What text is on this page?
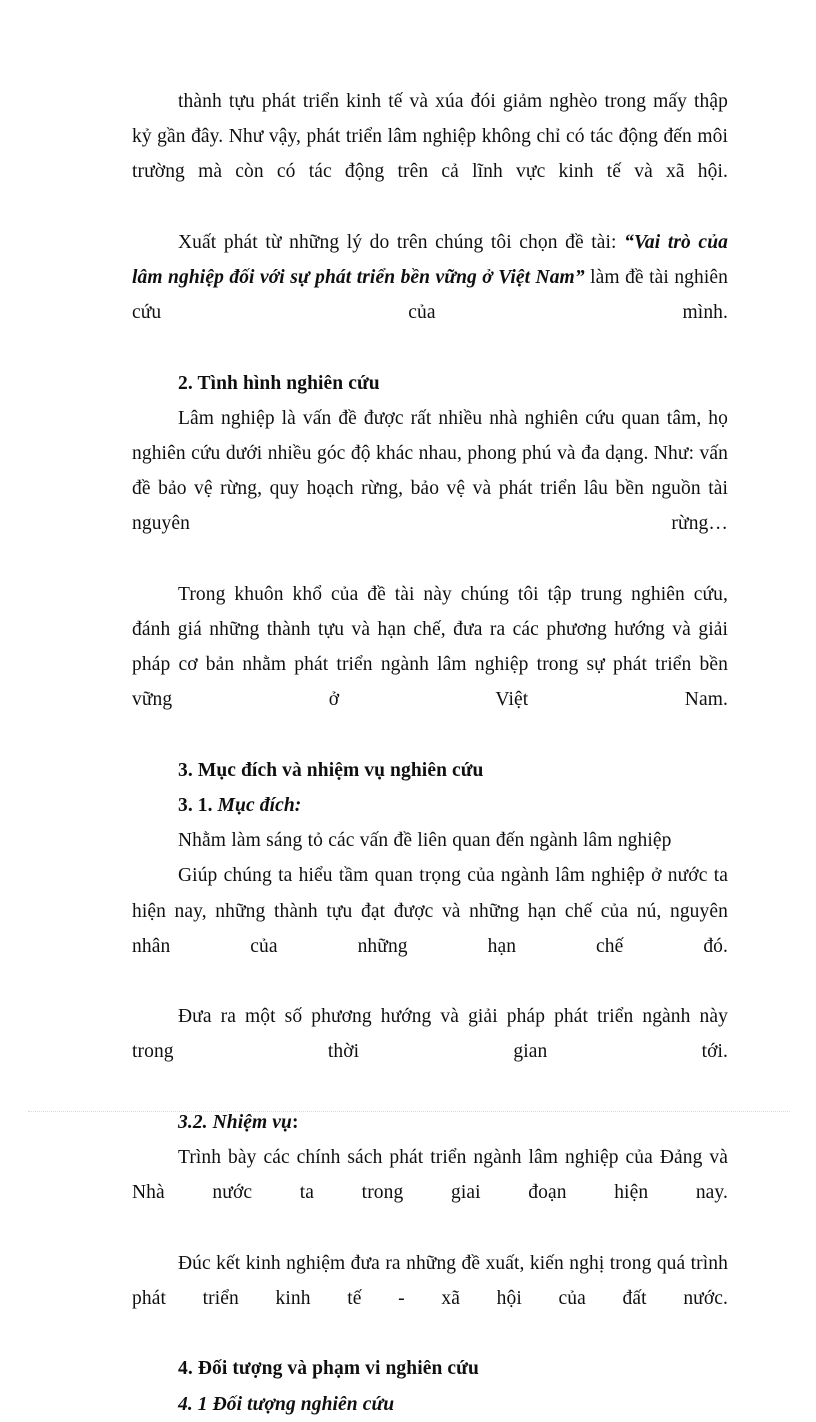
thành tựu phát triển kinh tế và xúa đói giảm nghèo trong mấy thập kỷ gần đây. Như vậy, phát triển lâm nghiệp không chỉ có tác động đến môi trường mà còn có tác động trên cả lĩnh vực kinh tế và xã hội.

Xuất phát từ những lý do trên chúng tôi chọn đề tài: “Vai trò của lâm nghiệp đối với sự phát triển bền vững ở Việt Nam” làm đề tài nghiên cứu của mình.

2. Tình hình nghiên cứu

Lâm nghiệp là vấn đề được rất nhiều nhà nghiên cứu quan tâm, họ nghiên cứu dưới nhiều góc độ khác nhau, phong phú và đa dạng. Như: vấn đề bảo vệ rừng, quy hoạch rừng, bảo vệ và phát triển lâu bền nguồn tài nguyên rừng…

Trong khuôn khổ của đề tài này chúng tôi tập trung nghiên cứu, đánh giá những thành tựu và hạn chế, đưa ra các phương hướng và giải pháp cơ bản nhằm phát triển ngành lâm nghiệp trong sự phát triển bền vững ở Việt Nam.

3. Mục đích và nhiệm vụ nghiên cứu

3. 1. Mục đích:

Nhằm làm sáng tỏ các vấn đề liên quan đến ngành lâm nghiệp

Giúp chúng ta hiểu tầm quan trọng của ngành lâm nghiệp ở nước ta hiện nay, những thành tựu đạt được và những hạn chế của nú, nguyên nhân của những hạn chế đó.

Đưa ra một số phương hướng và giải pháp phát triển ngành này trong thời gian tới.

3.2. Nhiệm vụ:

Trình bày các chính sách phát triển ngành lâm nghiệp của Đảng và Nhà nước ta trong giai đoạn hiện nay.

Đúc kết kinh nghiệm đưa ra những đề xuất, kiến nghị trong quá trình phát triển kinh tế - xã hội của đất nước.

4. Đối tượng và phạm vi nghiên cứu

4. 1 Đối tượng nghiên cứu
